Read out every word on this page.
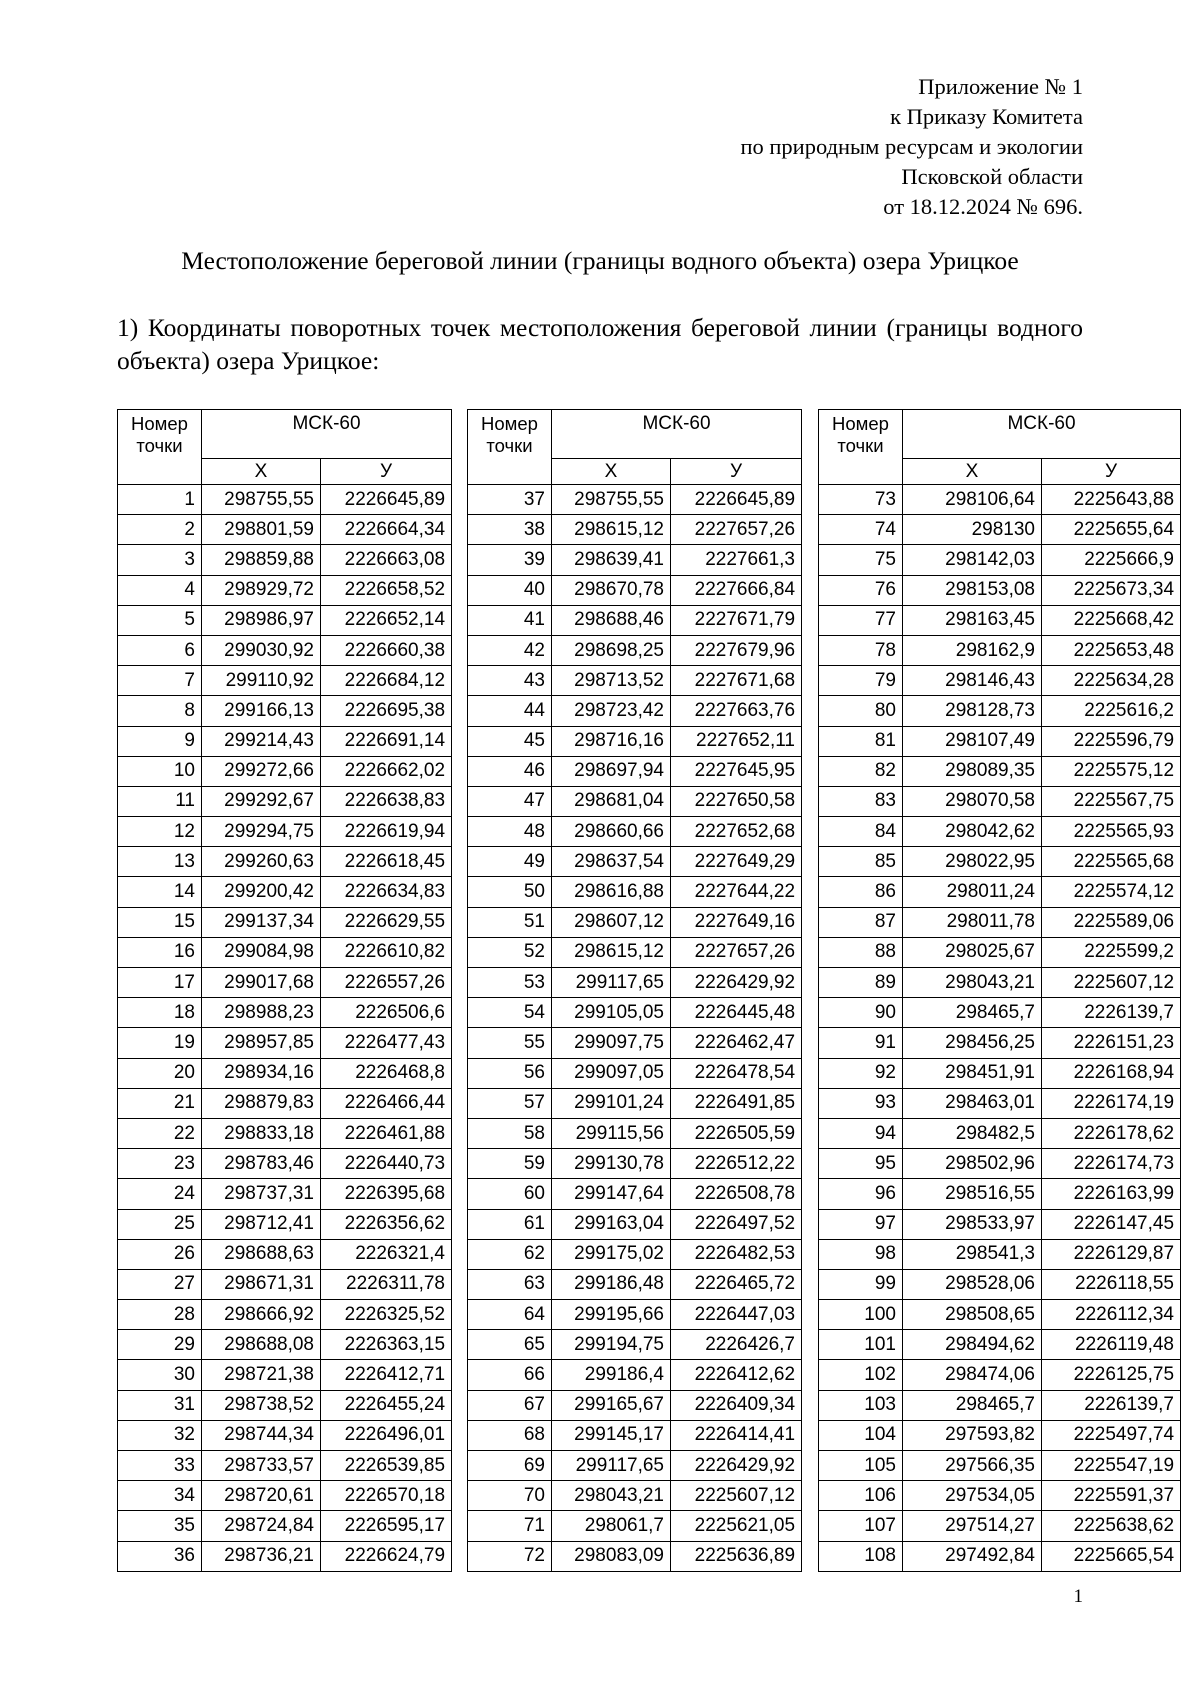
Приложение № 1
к Приказу Комитета
по природным ресурсам и экологии
Псковской области
от 18.12.2024 № 696.
Местоположение береговой линии (границы водного объекта) озера Урицкое
1) Координаты поворотных точек местоположения береговой линии (границы водного объекта) озера Урицкое:
Номер точки	МСК-60	
	X	У
1	298755,55	2226645,89
2	298801,59	2226664,34
3	298859,88	2226663,08
4	298929,72	2226658,52
5	298986,97	2226652,14
6	299030,92	2226660,38
7	299110,92	2226684,12
8	299166,13	2226695,38
9	299214,43	2226691,14
10	299272,66	2226662,02
11	299292,67	2226638,83
12	299294,75	2226619,94
13	299260,63	2226618,45
14	299200,42	2226634,83
15	299137,34	2226629,55
16	299084,98	2226610,82
17	299017,68	2226557,26
18	298988,23	2226506,6
19	298957,85	2226477,43
20	298934,16	2226468,8
21	298879,83	2226466,44
22	298833,18	2226461,88
23	298783,46	2226440,73
24	298737,31	2226395,68
25	298712,41	2226356,62
26	298688,63	2226321,4
27	298671,31	2226311,78
28	298666,92	2226325,52
29	298688,08	2226363,15
30	298721,38	2226412,71
31	298738,52	2226455,24
32	298744,34	2226496,01
33	298733,57	2226539,85
34	298720,61	2226570,18
35	298724,84	2226595,17
36	298736,21	2226624,79
Номер точки	МСК-60	
	X	У
37	298755,55	2226645,89
38	298615,12	2227657,26
39	298639,41	2227661,3
40	298670,78	2227666,84
41	298688,46	2227671,79
42	298698,25	2227679,96
43	298713,52	2227671,68
44	298723,42	2227663,76
45	298716,16	2227652,11
46	298697,94	2227645,95
47	298681,04	2227650,58
48	298660,66	2227652,68
49	298637,54	2227649,29
50	298616,88	2227644,22
51	298607,12	2227649,16
52	298615,12	2227657,26
53	299117,65	2226429,92
54	299105,05	2226445,48
55	299097,75	2226462,47
56	299097,05	2226478,54
57	299101,24	2226491,85
58	299115,56	2226505,59
59	299130,78	2226512,22
60	299147,64	2226508,78
61	299163,04	2226497,52
62	299175,02	2226482,53
63	299186,48	2226465,72
64	299195,66	2226447,03
65	299194,75	2226426,7
66	299186,4	2226412,62
67	299165,67	2226409,34
68	299145,17	2226414,41
69	299117,65	2226429,92
70	298043,21	2225607,12
71	298061,7	2225621,05
72	298083,09	2225636,89
Номер точки	МСК-60	
	X	У
73	298106,64	2225643,88
74	298130	2225655,64
75	298142,03	2225666,9
76	298153,08	2225673,34
77	298163,45	2225668,42
78	298162,9	2225653,48
79	298146,43	2225634,28
80	298128,73	2225616,2
81	298107,49	2225596,79
82	298089,35	2225575,12
83	298070,58	2225567,75
84	298042,62	2225565,93
85	298022,95	2225565,68
86	298011,24	2225574,12
87	298011,78	2225589,06
88	298025,67	2225599,2
89	298043,21	2225607,12
90	298465,7	2226139,7
91	298456,25	2226151,23
92	298451,91	2226168,94
93	298463,01	2226174,19
94	298482,5	2226178,62
95	298502,96	2226174,73
96	298516,55	2226163,99
97	298533,97	2226147,45
98	298541,3	2226129,87
99	298528,06	2226118,55
100	298508,65	2226112,34
101	298494,62	2226119,48
102	298474,06	2226125,75
103	298465,7	2226139,7
104	297593,82	2225497,74
105	297566,35	2225547,19
106	297534,05	2225591,37
107	297514,27	2225638,62
108	297492,84	2225665,54
1
